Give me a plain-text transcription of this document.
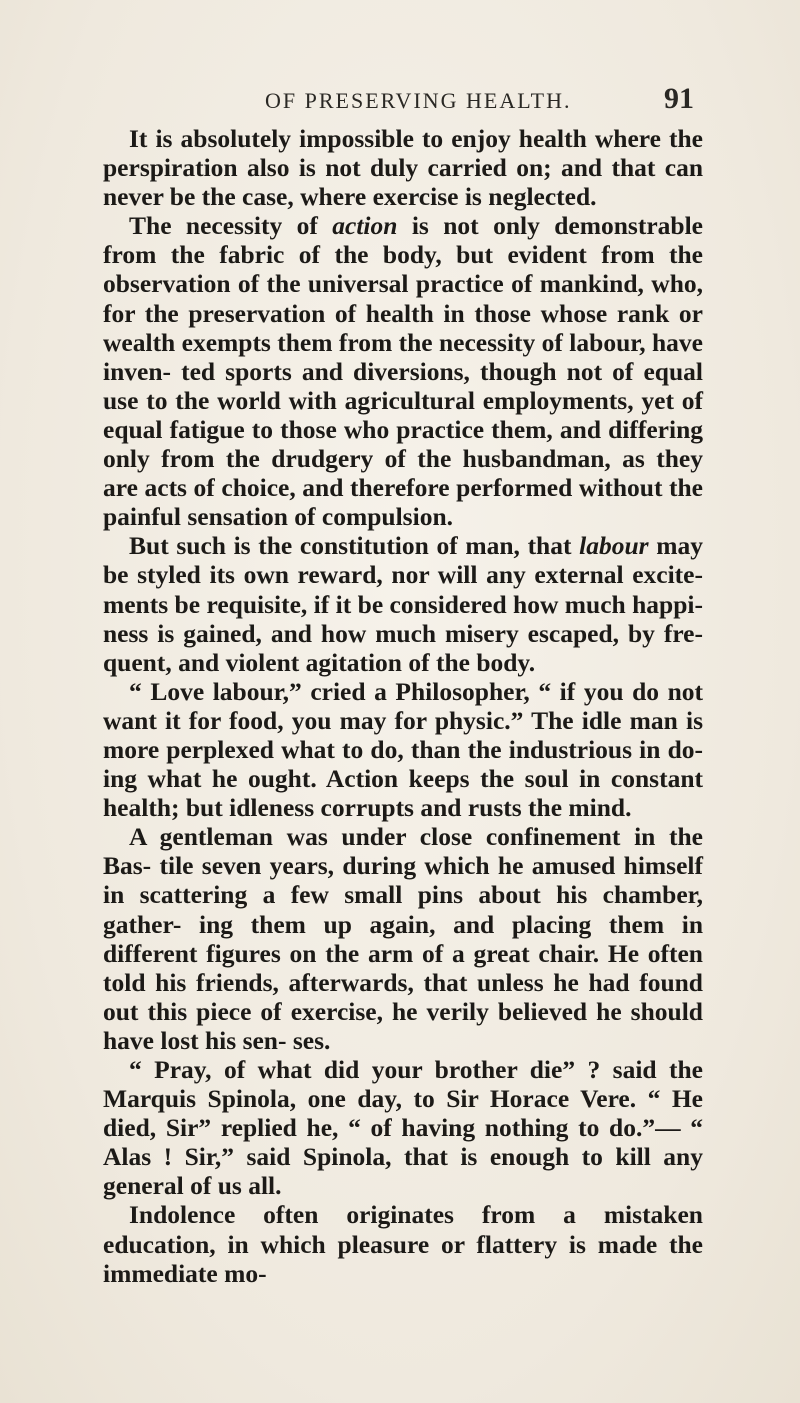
OF PRESERVING HEALTH.	91

It is absolutely impossible to enjoy health where the perspiration also is not duly carried on; and that can never be the case, where exercise is neglected.

The necessity of action is not only demonstrable from the fabric of the body, but evident from the observation of the universal practice of mankind, who, for the preservation of health in those whose rank or wealth exempts them from the necessity of labour, have inven- ted sports and diversions, though not of equal use to the world with agricultural employments, yet of equal fatigue to those who practice them, and differing only from the drudgery of the husbandman, as they are acts of choice, and therefore performed without the painful sensation of compulsion.

But such is the constitution of man, that labour may be styled its own reward, nor will any external excite- ments be requisite, if it be considered how much happi- ness is gained, and how much misery escaped, by fre- quent, and violent agitation of the body.

“ Love labour,” cried a Philosopher, “ if you do not want it for food, you may for physic.” The idle man is more perplexed what to do, than the industrious in do- ing what he ought. Action keeps the soul in constant health; but idleness corrupts and rusts the mind.

A gentleman was under close confinement in the Bas- tile seven years, during which he amused himself in scattering a few small pins about his chamber, gather- ing them up again, and placing them in different figures on the arm of a great chair. He often told his friends, afterwards, that unless he had found out this piece of exercise, he verily believed he should have lost his sen- ses.

“ Pray, of what did your brother die” ? said the Marquis Spinola, one day, to Sir Horace Vere. “ He died, Sir” replied he, “ of having nothing to do.”— “ Alas ! Sir,” said Spinola, that is enough to kill any general of us all.

Indolence often originates from a mistaken education, in which pleasure or flattery is made the immediate mo-
